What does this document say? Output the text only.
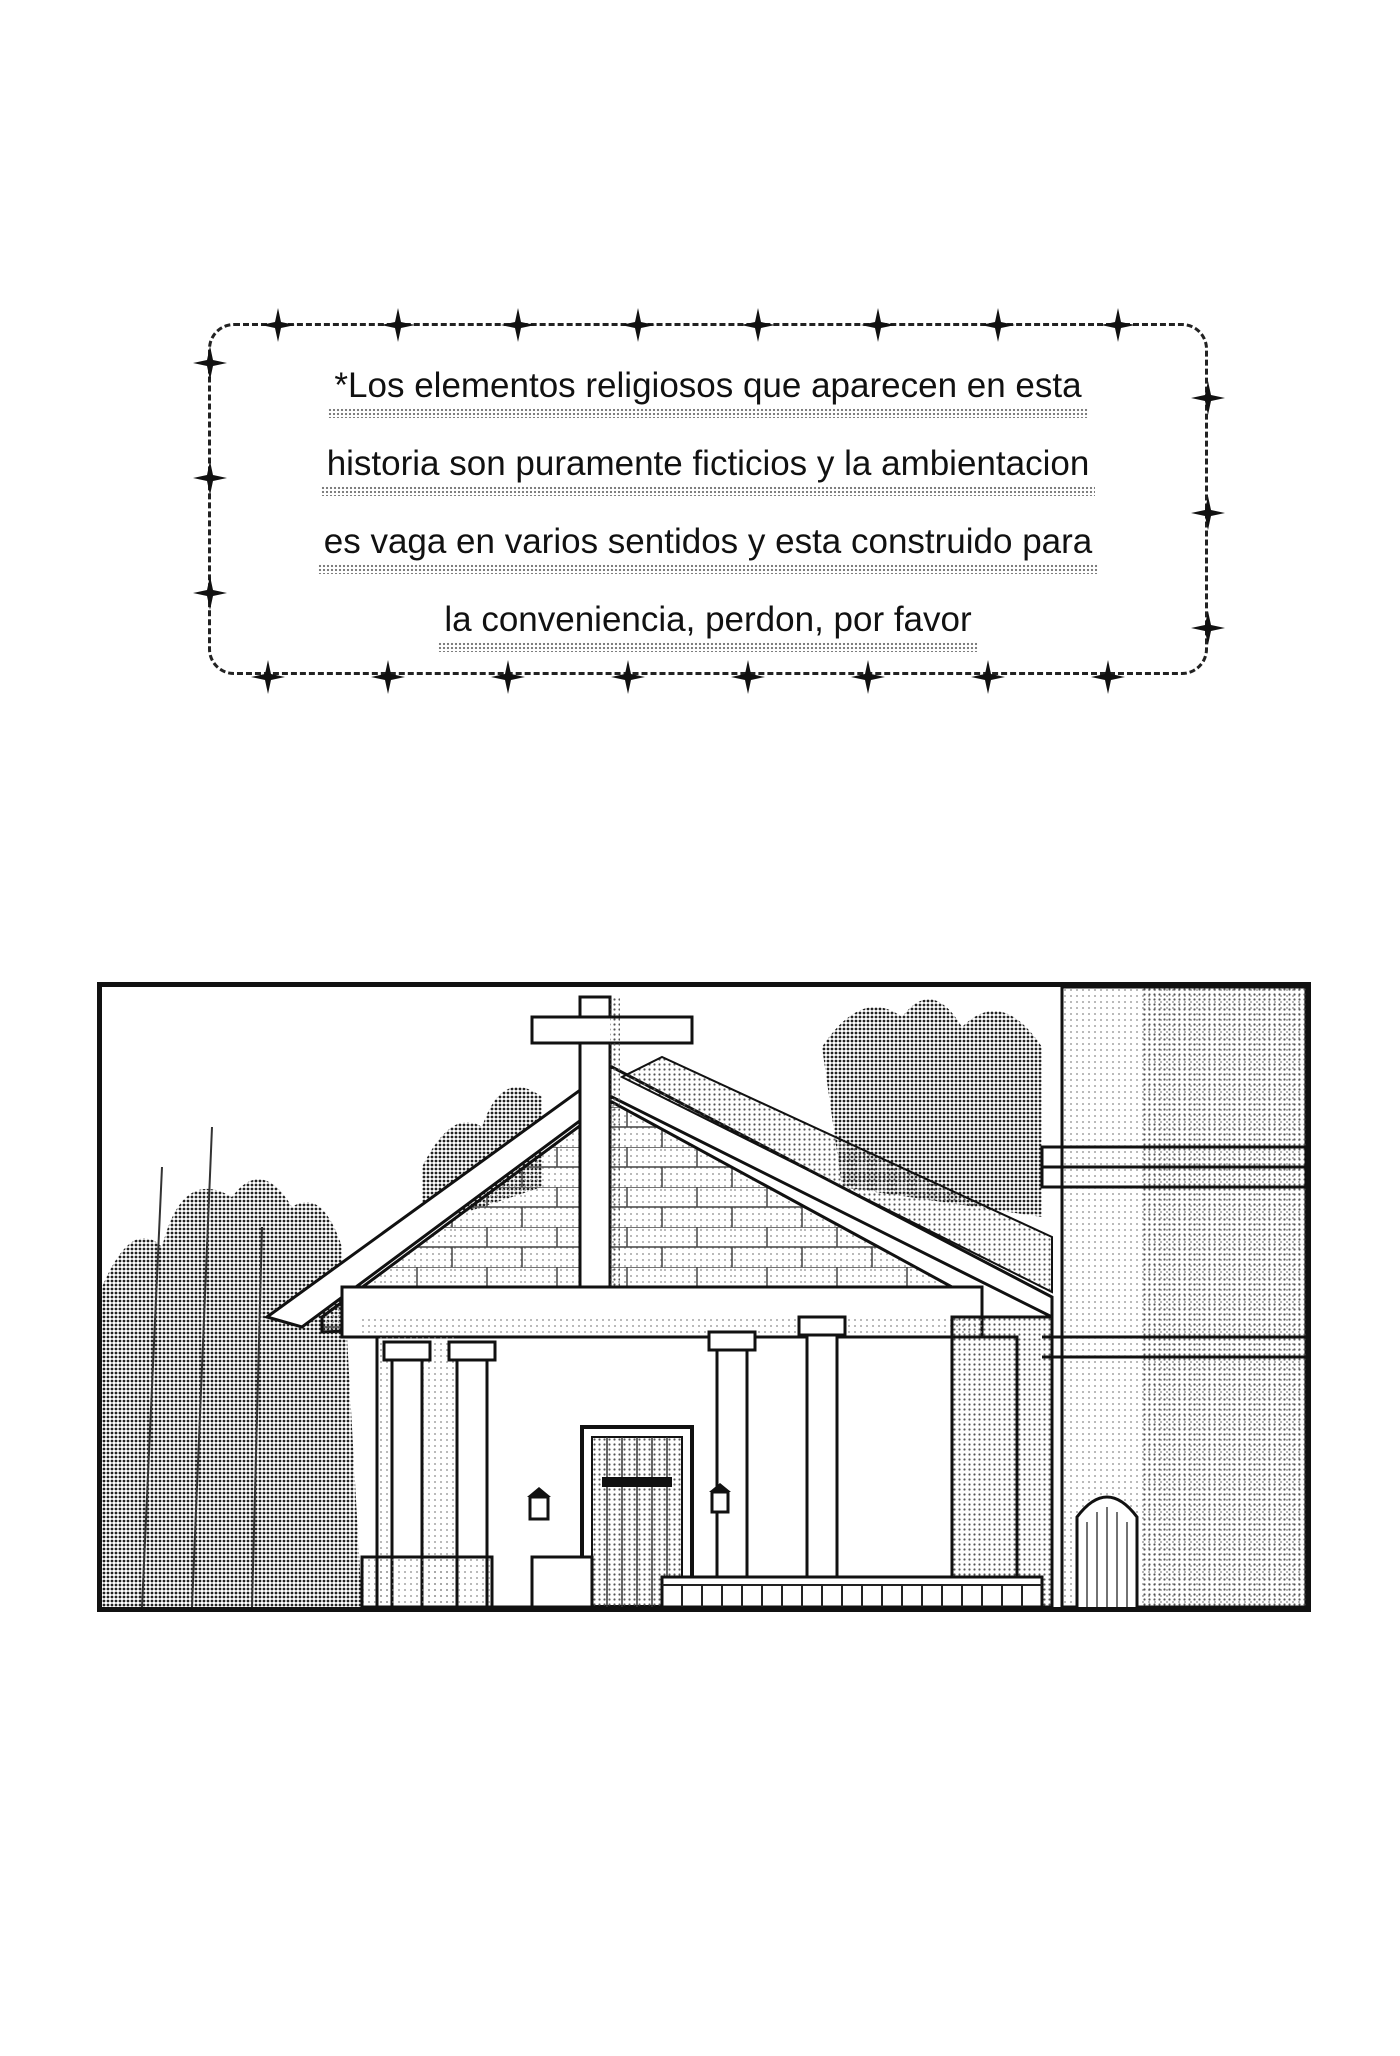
*Los elementos religiosos que aparecen en esta
historia son puramente ficticios y la ambientacion
es vaga en varios sentidos y esta construido para
la conveniencia, perdon, por favor
